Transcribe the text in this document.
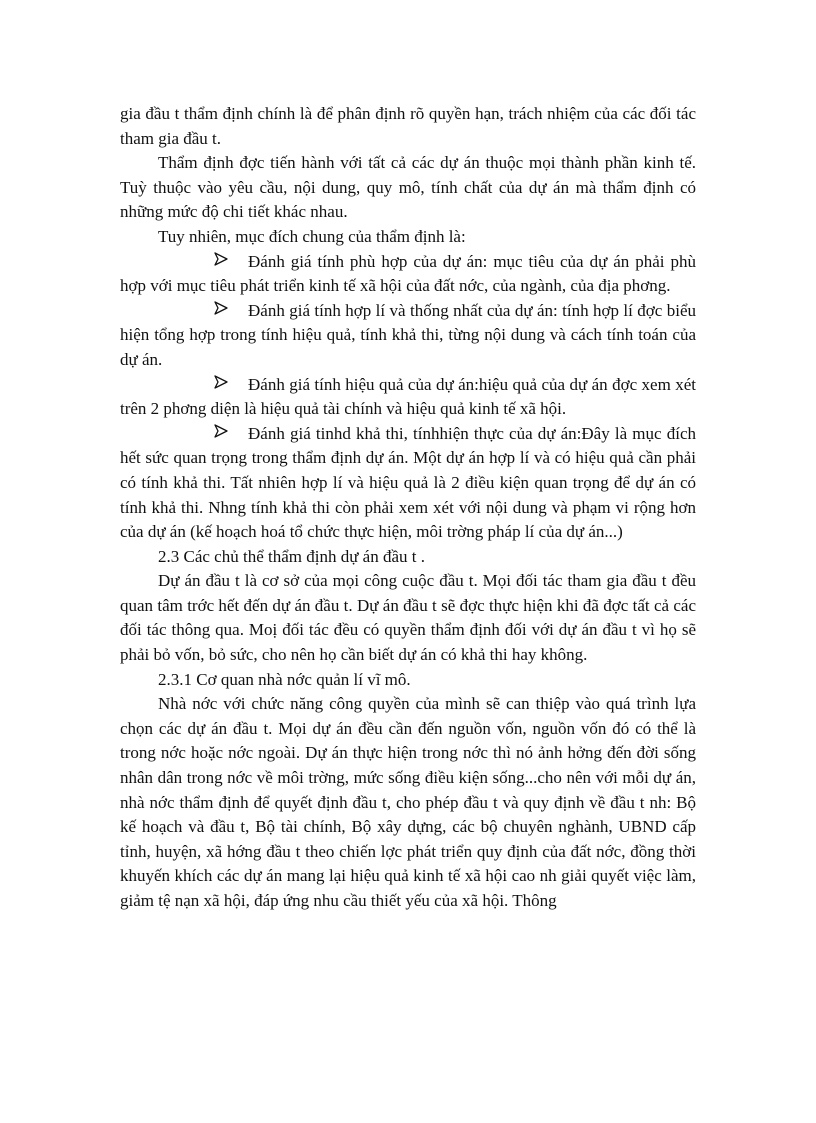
gia đầu t thẩm định chính là để phân định rõ quyền hạn, trách nhiệm của các đối tác tham gia đầu t.

Thẩm định đợc tiến hành với tất cả các dự án thuộc mọi thành phần kinh tế. Tuỳ thuộc vào yêu cầu, nội dung, quy mô, tính chất của dự án mà thẩm định có những mức độ chi tiết khác nhau.

Tuy nhiên, mục đích chung của thẩm định là:

Đánh giá tính phù hợp của dự án: mục tiêu của dự án phải phù hợp với mục tiêu phát triển kinh tế xã hội của đất nớc, của ngành, của địa phơng.

Đánh giá tính hợp lí và thống nhất của dự án: tính hợp lí đợc biểu hiện tổng hợp trong tính hiệu quả, tính khả thi, từng nội dung và cách tính toán của dự án.

Đánh giá tính hiệu quả của dự án:hiệu quả của dự án đợc xem xét trên 2 phơng diện là hiệu quả tài chính và hiệu quả kinh tế xã hội.

Đánh giá tinhd khả thi, tínhhiện thực của dự án:Đây là mục đích hết sức quan trọng trong thẩm định dự án. Một dự án hợp lí và có hiệu quả cần phải có tính khả thi. Tất nhiên hợp lí và hiệu quả là 2 điều kiện quan trọng để dự án có tính khả thi. Nhng tính khả thi còn phải xem xét với nội dung và phạm vi rộng hơn của dự án (kế hoạch hoá tổ chức thực hiện, môi trờng pháp lí của dự án...)

2.3 Các chủ thể thẩm định dự án đầu t .

Dự án đầu t là cơ sở của mọi công cuộc đầu t. Mọi đối tác tham gia đầu t đều quan tâm trớc hết đến dự án đầu t. Dự án đầu t sẽ đợc thực hiện khi đã đợc tất cả các đối tác thông qua. Moị đối tác đều có quyền thẩm định đối với dự án đầu t vì họ sẽ phải bỏ vốn, bỏ sức, cho nên họ cần biết dự án có khả thi hay không.

2.3.1 Cơ quan nhà nớc quản lí vĩ mô.

Nhà nớc với chức năng công quyền của mình sẽ can thiệp vào quá trình lựa chọn các dự án đầu t. Mọi dự án đều cần đến nguồn vốn, nguồn vốn đó có thể là trong nớc hoặc nớc ngoài. Dự án thực hiện trong nớc thì nó ảnh hởng đến đời sống nhân dân trong nớc về môi trờng, mức sống điều kiện sống...cho nên với mỗi dự án, nhà nớc thẩm định để quyết định đầu t, cho phép đầu t và quy định về đầu t nh: Bộ kế hoạch và đầu t, Bộ tài chính, Bộ xây dựng, các bộ chuyên nghành, UBND cấp tỉnh, huyện, xã hớng đầu t theo chiến lợc phát triển quy định của đất nớc, đồng thời khuyến khích các dự án mang lại hiệu quả kinh tế xã hội cao nh giải quyết việc làm, giảm tệ nạn xã hội, đáp ứng nhu cầu thiết yếu của xã hội. Thông
